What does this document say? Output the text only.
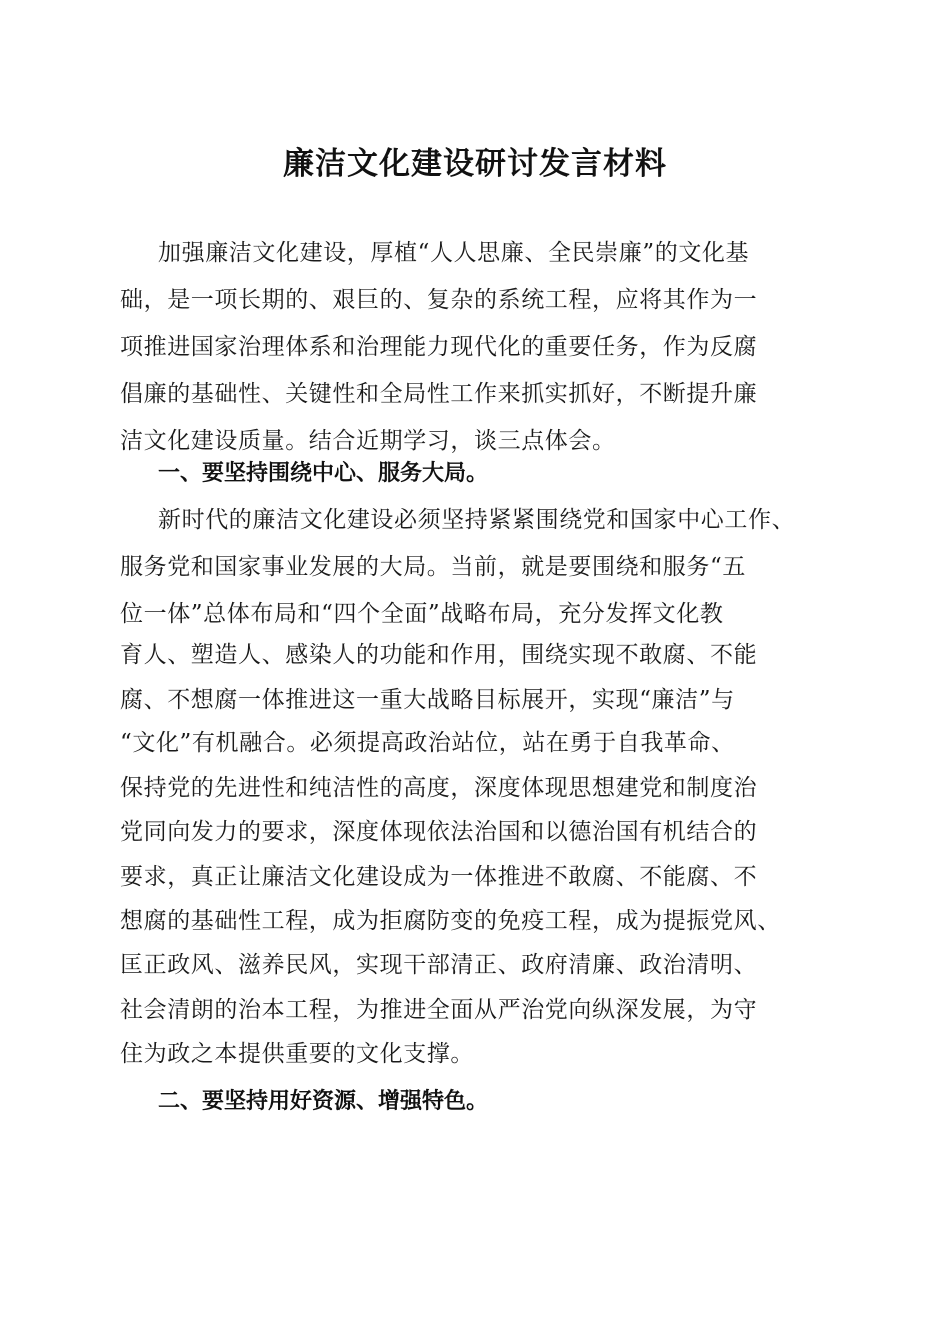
廉洁文化建设研讨发言材料
加强廉洁文化建设，厚植“人人思廉、全民崇廉”的文化基
础，是一项长期的、艰巨的、复杂的系统工程，应将其作为一
项推进国家治理体系和治理能力现代化的重要任务，作为反腐
倡廉的基础性、关键性和全局性工作来抓实抓好，不断提升廉
洁文化建设质量。结合近期学习，谈三点体会。
一、要坚持围绕中心、服务大局。
新时代的廉洁文化建设必须坚持紧紧围绕党和国家中心工作、
服务党和国家事业发展的大局。当前，就是要围绕和服务“五
位一体”总体布局和“四个全面”战略布局，充分发挥文化教
育人、塑造人、感染人的功能和作用，围绕实现不敢腐、不能
腐、不想腐一体推进这一重大战略目标展开，实现“廉洁”与
“文化”有机融合。必须提高政治站位，站在勇于自我革命、
保持党的先进性和纯洁性的高度，深度体现思想建党和制度治
党同向发力的要求，深度体现依法治国和以德治国有机结合的
要求，真正让廉洁文化建设成为一体推进不敢腐、不能腐、不
想腐的基础性工程，成为拒腐防变的免疫工程，成为提振党风、
匡正政风、滋养民风，实现干部清正、政府清廉、政治清明、
社会清朗的治本工程，为推进全面从严治党向纵深发展，为守
住为政之本提供重要的文化支撑。
二、要坚持用好资源、增强特色。
